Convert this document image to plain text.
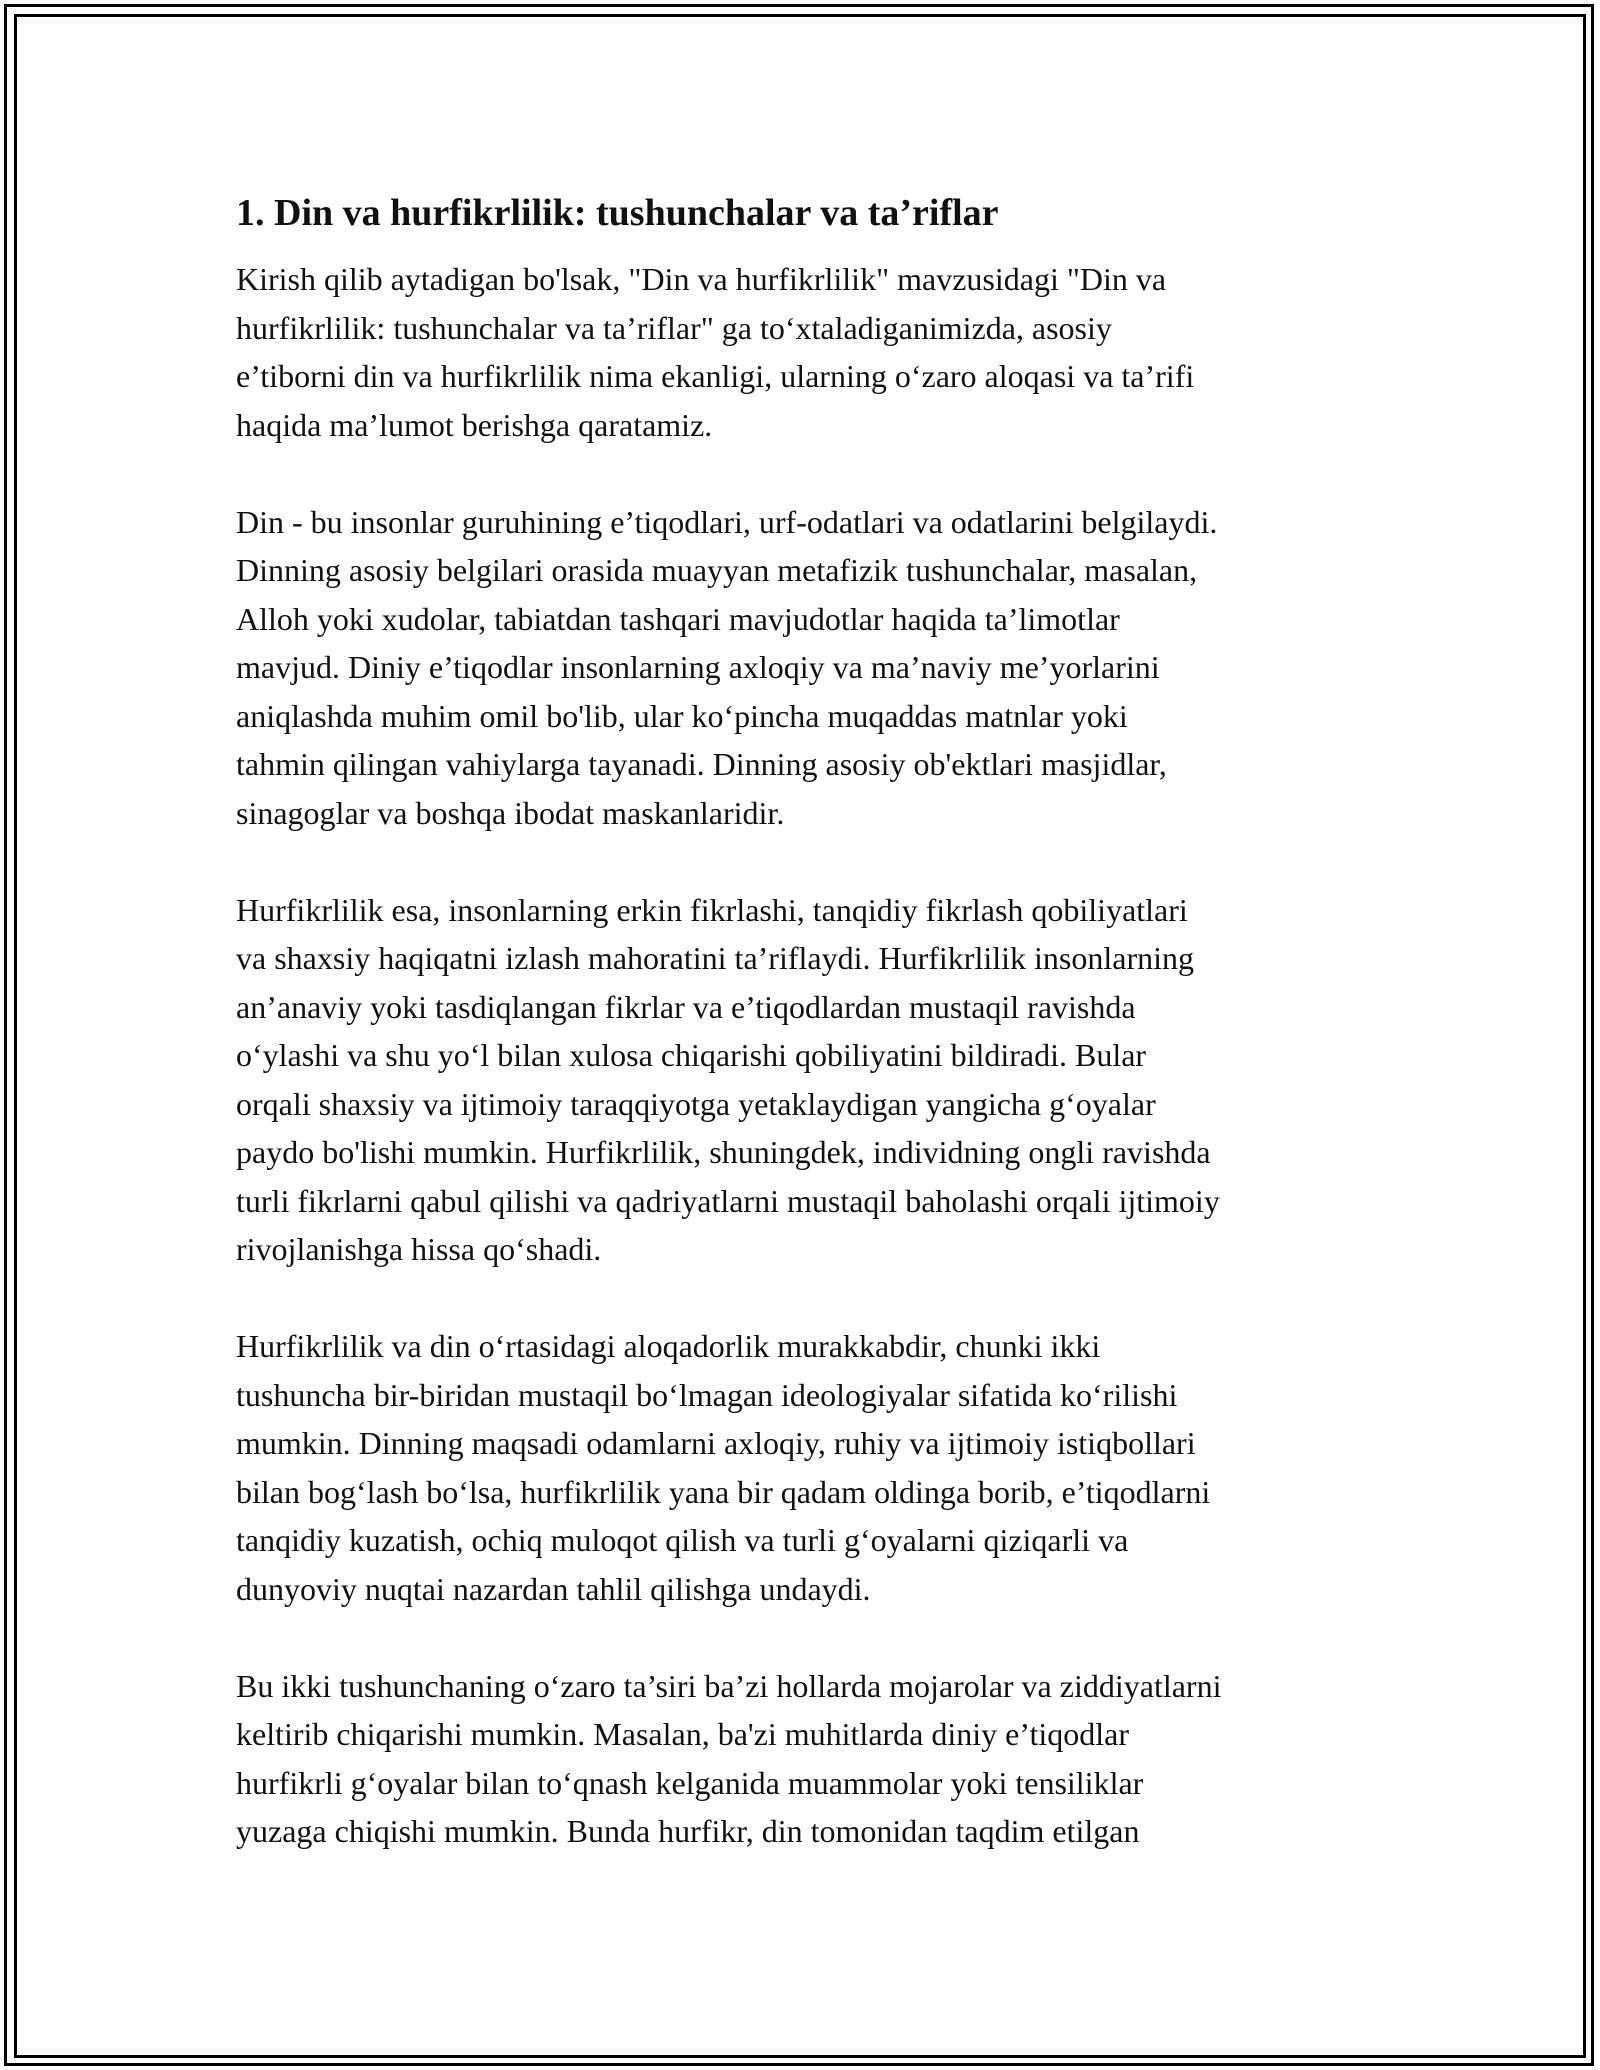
1. Din va hurfikrlilik: tushunchalar va ta’riflar

Kirish qilib aytadigan bo'lsak, "Din va hurfikrlilik" mavzusidagi "Din va
hurfikrlilik: tushunchalar va ta’riflar" ga to‘xtaladiganimizda, asosiy
e’tiborni din va hurfikrlilik nima ekanligi, ularning o‘zaro aloqasi va ta’rifi
haqida ma’lumot berishga qaratamiz.

Din - bu insonlar guruhining e’tiqodlari, urf-odatlari va odatlarini belgilaydi.
Dinning asosiy belgilari orasida muayyan metafizik tushunchalar, masalan,
Alloh yoki xudolar, tabiatdan tashqari mavjudotlar haqida ta’limotlar
mavjud. Diniy e’tiqodlar insonlarning axloqiy va ma’naviy me’yorlarini
aniqlashda muhim omil bo'lib, ular ko‘pincha muqaddas matnlar yoki
tahmin qilingan vahiylarga tayanadi. Dinning asosiy ob'ektlari masjidlar,
sinagoglar va boshqa ibodat maskanlaridir.

Hurfikrlilik esa, insonlarning erkin fikrlashi, tanqidiy fikrlash qobiliyatlari
va shaxsiy haqiqatni izlash mahoratini ta’riflaydi. Hurfikrlilik insonlarning
an’anaviy yoki tasdiqlangan fikrlar va e’tiqodlardan mustaqil ravishda
o‘ylashi va shu yo‘l bilan xulosa chiqarishi qobiliyatini bildiradi. Bular
orqali shaxsiy va ijtimoiy taraqqiyotga yetaklaydigan yangicha g‘oyalar
paydo bo'lishi mumkin. Hurfikrlilik, shuningdek, individning ongli ravishda
turli fikrlarni qabul qilishi va qadriyatlarni mustaqil baholashi orqali ijtimoiy
rivojlanishga hissa qo‘shadi.

Hurfikrlilik va din o‘rtasidagi aloqadorlik murakkabdir, chunki ikki
tushuncha bir-biridan mustaqil bo‘lmagan ideologiyalar sifatida ko‘rilishi
mumkin. Dinning maqsadi odamlarni axloqiy, ruhiy va ijtimoiy istiqbollari
bilan bog‘lash bo‘lsa, hurfikrlilik yana bir qadam oldinga borib, e’tiqodlarni
tanqidiy kuzatish, ochiq muloqot qilish va turli g‘oyalarni qiziqarli va
dunyoviy nuqtai nazardan tahlil qilishga undaydi.

Bu ikki tushunchaning o‘zaro ta’siri ba’zi hollarda mojarolar va ziddiyatlarni
keltirib chiqarishi mumkin. Masalan, ba'zi muhitlarda diniy e’tiqodlar
hurfikrli g‘oyalar bilan to‘qnash kelganida muammolar yoki tensiliklar
yuzaga chiqishi mumkin. Bunda hurfikr, din tomonidan taqdim etilgan
